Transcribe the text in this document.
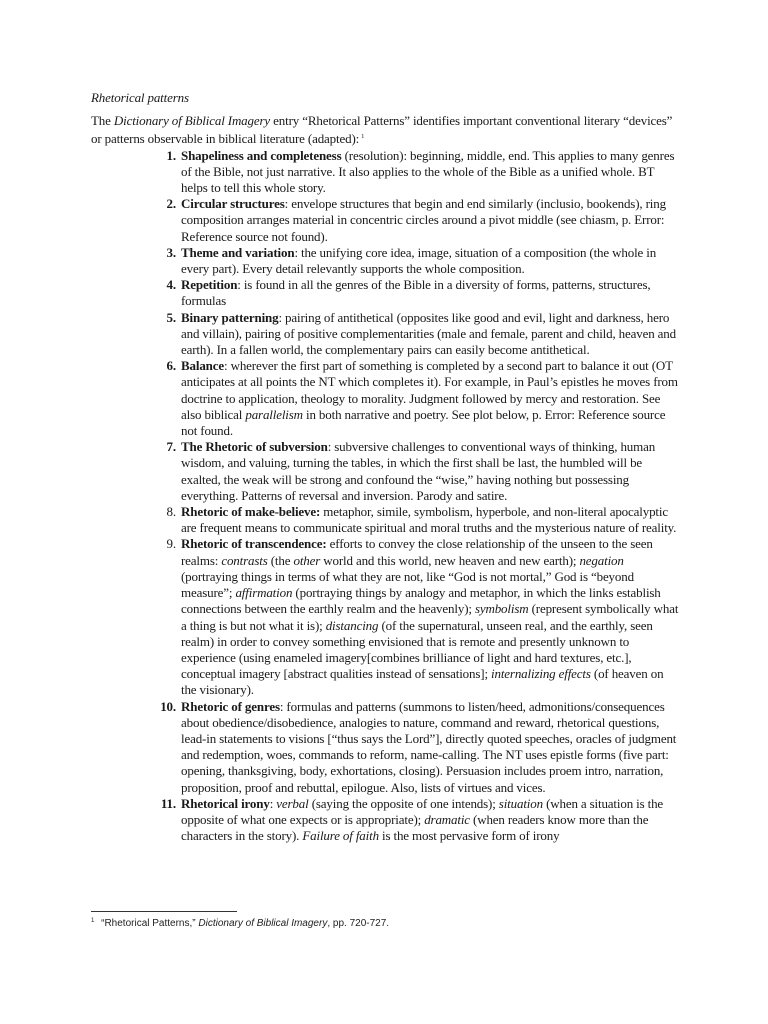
Rhetorical patterns

The Dictionary of Biblical Imagery entry “Rhetorical Patterns” identifies important conventional literary “devices” or patterns observable in biblical literature (adapted): $^1$

1. Shapeliness and completeness (resolution): beginning, middle, end. This applies to many genres of the Bible, not just narrative. It also applies to the whole of the Bible as a unified whole. BT helps to tell this whole story.
2. Circular structures: envelope structures that begin and end similarly (inclusio, bookends), ring composition arranges material in concentric circles around a pivot middle (see chiasm, p. Error: Reference source not found).
3. Theme and variation: the unifying core idea, image, situation of a composition (the whole in every part). Every detail relevantly supports the whole composition.
4. Repetition: is found in all the genres of the Bible in a diversity of forms, patterns, structures, formulas
5. Binary patterning: pairing of antithetical (opposites like good and evil, light and darkness, hero and villain), pairing of positive complementarities (male and female, parent and child, heaven and earth). In a fallen world, the complementary pairs can easily become antithetical.
6. Balance: wherever the first part of something is completed by a second part to balance it out (OT anticipates at all points the NT which completes it). For example, in Paul’s epistles he moves from doctrine to application, theology to morality. Judgment followed by mercy and restoration. See also biblical parallelism in both narrative and poetry. See plot below, p. Error: Reference source not found.
7. The Rhetoric of subversion: subversive challenges to conventional ways of thinking, human wisdom, and valuing, turning the tables, in which the first shall be last, the humbled will be exalted, the weak will be strong and confound the “wise,” having nothing but possessing everything. Patterns of reversal and inversion. Parody and satire.
8. Rhetoric of make-believe: metaphor, simile, symbolism, hyperbole, and non-literal apocalyptic are frequent means to communicate spiritual and moral truths and the mysterious nature of reality.
9. Rhetoric of transcendence: efforts to convey the close relationship of the unseen to the seen realms: contrasts (the other world and this world, new heaven and new earth); negation (portraying things in terms of what they are not, like “God is not mortal,” God is “beyond measure”; affirmation (portraying things by analogy and metaphor, in which the links establish connections between the earthly realm and the heavenly); symbolism (represent symbolically what a thing is but not what it is); distancing (of the supernatural, unseen real, and the earthly, seen realm) in order to convey something envisioned that is remote and presently unknown to experience (using enameled imagery[combines brilliance of light and hard textures, etc.], conceptual imagery [abstract qualities instead of sensations]; internalizing effects (of heaven on the visionary).
10. Rhetoric of genres: formulas and patterns (summons to listen/heed, admonitions/consequences about obedience/disobedience, analogies to nature, command and reward, rhetorical questions, lead-in statements to visions [“thus says the Lord”], directly quoted speeches, oracles of judgment and redemption, woes, commands to reform, name-calling. The NT uses epistle forms (five part: opening, thanksgiving, body, exhortations, closing). Persuasion includes proem intro, narration, proposition, proof and rebuttal, epilogue. Also, lists of virtues and vices.
11. Rhetorical irony: verbal (saying the opposite of one intends); situation (when a situation is the opposite of what one expects or is appropriate); dramatic (when readers know more than the characters in the story). Failure of faith is the most pervasive form of irony
$^1$ “Rhetorical Patterns,” Dictionary of Biblical Imagery, pp. 720-727.
